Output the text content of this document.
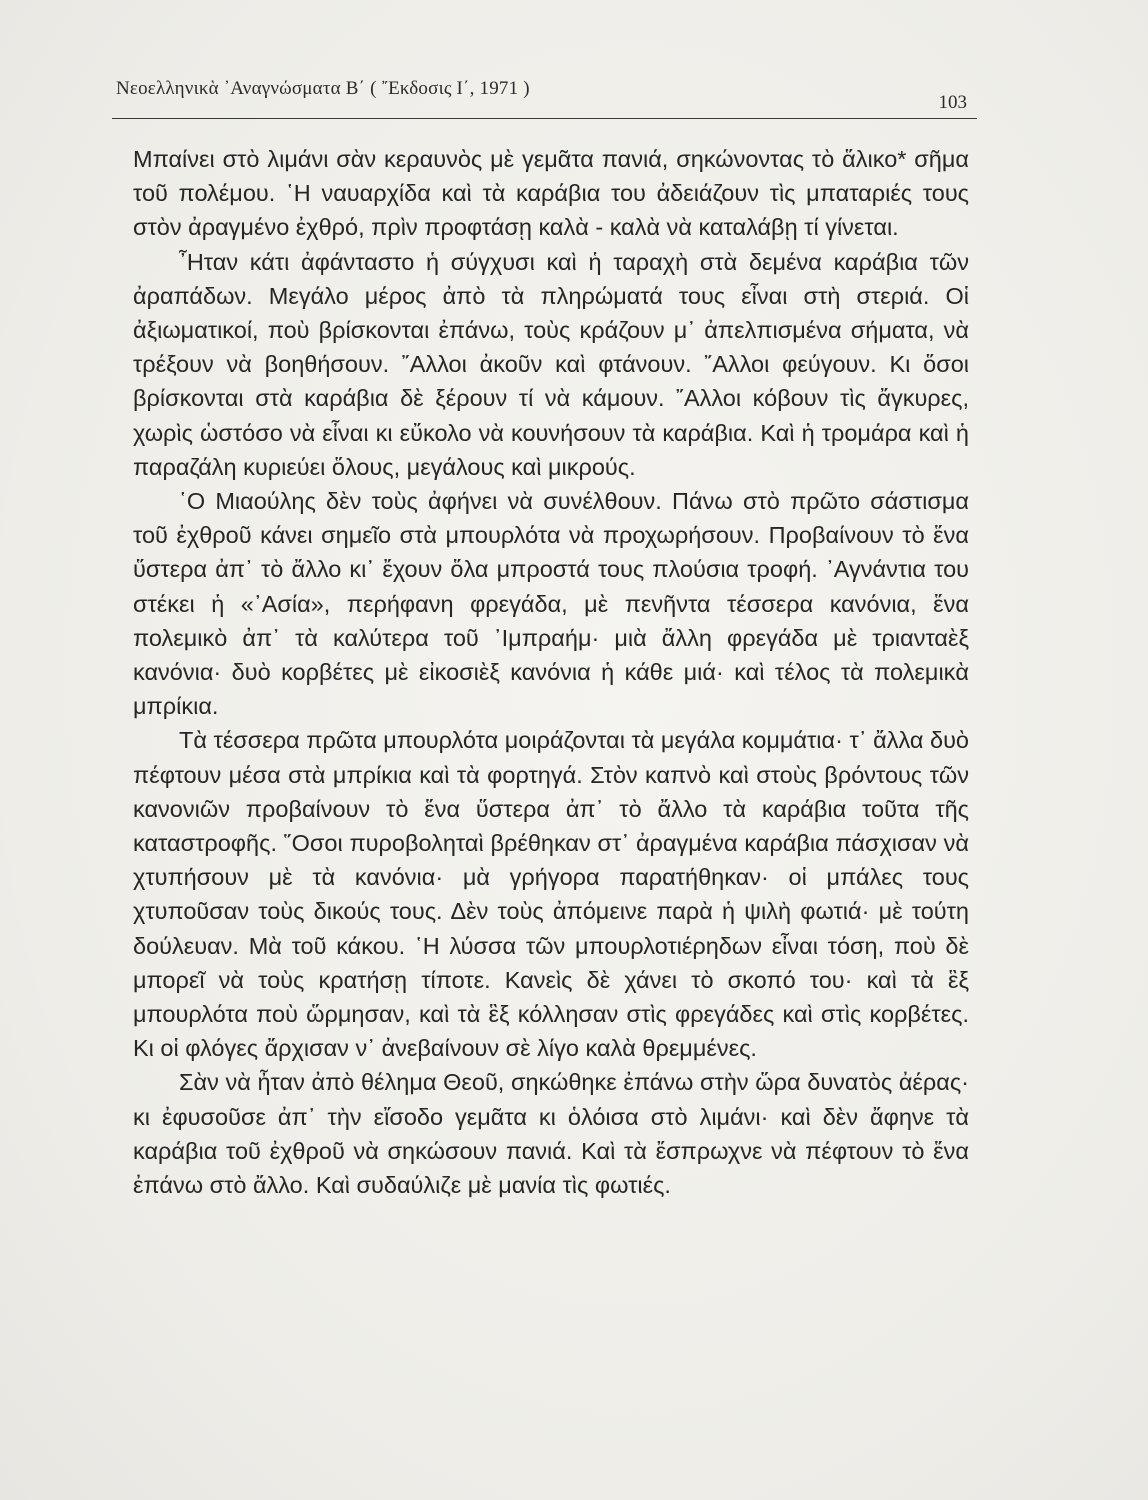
Νεοελληνικὰ ᾿Αναγνώσματα Β΄ ( ῎Εκδοσις Ι΄, 1971 )
103

Μπαίνει στὸ λιμάνι σὰν κεραυνὸς μὲ γεμᾶτα πανιά, σηκώνοντας τὸ ἅλικο* σῆμα τοῦ πολέμου. ῾Η ναυαρχίδα καὶ τὰ καράβια του ἀδειάζουν τὶς μπαταριές τους στὸν ἀραγμένο ἐχθρό, πρὶν προφτάσῃ καλὰ - καλὰ νὰ καταλάβῃ τί γίνεται.

῏Ηταν κάτι ἀφάνταστο ἡ σύγχυσι καὶ ἡ ταραχὴ στὰ δεμένα καράβια τῶν ἀραπάδων. Μεγάλο μέρος ἀπὸ τὰ πληρώματά τους εἶναι στὴ στεριά. Οἱ ἀξιωματικοί, ποὺ βρίσκονται ἐπάνω, τοὺς κράζουν μ᾿ ἀπελπισμένα σήματα, νὰ τρέξουν νὰ βοηθήσουν. ῎Αλλοι ἀκοῦν καὶ φτάνουν. ῎Αλλοι φεύγουν. Κι ὅσοι βρίσκονται στὰ καράβια δὲ ξέρουν τί νὰ κάμουν. ῎Αλλοι κόβουν τὶς ἄγκυρες, χωρὶς ὡστόσο νὰ εἶναι κι εὔκολο νὰ κουνήσουν τὰ καράβια. Καὶ ἡ τρομάρα καὶ ἡ παραζάλη κυριεύει ὅλους, μεγάλους καὶ μικρούς.

῾Ο Μιαούλης δὲν τοὺς ἀφήνει νὰ συνέλθουν. Πάνω στὸ πρῶτο σάστισμα τοῦ ἐχθροῦ κάνει σημεῖο στὰ μπουρλότα νὰ προχωρήσουν. Προβαίνουν τὸ ἕνα ὕστερα ἀπ᾿ τὸ ἄλλο κι᾿ ἔχουν ὅλα μπροστά τους πλούσια τροφή. ᾿Αγνάντια του στέκει ἡ «᾿Ασία», περήφανη φρεγάδα, μὲ πενῆντα τέσσερα κανόνια, ἕνα πολεμικὸ ἀπ᾿ τὰ καλύτερα τοῦ ᾿Ιμπραήμ· μιὰ ἄλλη φρεγάδα μὲ τριανταὲξ κανόνια· δυὸ κορβέτες μὲ εἰκοσιὲξ κανόνια ἡ κάθε μιά· καὶ τέλος τὰ πολεμικὰ μπρίκια.

Τὰ τέσσερα πρῶτα μπουρλότα μοιράζονται τὰ μεγάλα κομμάτια· τ᾿ ἄλλα δυὸ πέφτουν μέσα στὰ μπρίκια καὶ τὰ φορτηγά. Στὸν καπνὸ καὶ στοὺς βρόντους τῶν κανονιῶν προβαίνουν τὸ ἕνα ὕστερα ἀπ᾿ τὸ ἄλλο τὰ καράβια τοῦτα τῆς καταστροφῆς. ῞Οσοι πυροβοληταὶ βρέθηκαν στ᾿ ἀραγμένα καράβια πάσχισαν νὰ χτυπήσουν μὲ τὰ κανόνια· μὰ γρήγορα παρατήθηκαν· οἱ μπάλες τους χτυποῦσαν τοὺς δικούς τους. Δὲν τοὺς ἀπόμεινε παρὰ ἡ ψιλὴ φωτιά· μὲ τούτη δούλευαν. Μὰ τοῦ κάκου. ῾Η λύσσα τῶν μπουρλοτιέρηδων εἶναι τόση, ποὺ δὲ μπορεῖ νὰ τοὺς κρατήσῃ τίποτε. Κανεὶς δὲ χάνει τὸ σκοπό του· καὶ τὰ ἓξ μπουρλότα ποὺ ὥρμησαν, καὶ τὰ ἓξ κόλλησαν στὶς φρεγάδες καὶ στὶς κορβέτες. Κι οἱ φλόγες ἄρχισαν ν᾿ ἀνεβαίνουν σὲ λίγο καλὰ θρεμμένες.

Σὰν νὰ ἦταν ἀπὸ θέλημα Θεοῦ, σηκώθηκε ἐπάνω στὴν ὥρα δυνατὸς ἀέρας· κι ἐφυσοῦσε ἀπ᾿ τὴν εἴσοδο γεμᾶτα κι ὁλόισα στὸ λιμάνι· καὶ δὲν ἄφηνε τὰ καράβια τοῦ ἐχθροῦ νὰ σηκώσουν πανιά. Καὶ τὰ ἔσπρωχνε νὰ πέφτουν τὸ ἕνα ἐπάνω στὸ ἄλλο. Καὶ συδαύλιζε μὲ μανία τὶς φωτιές.
